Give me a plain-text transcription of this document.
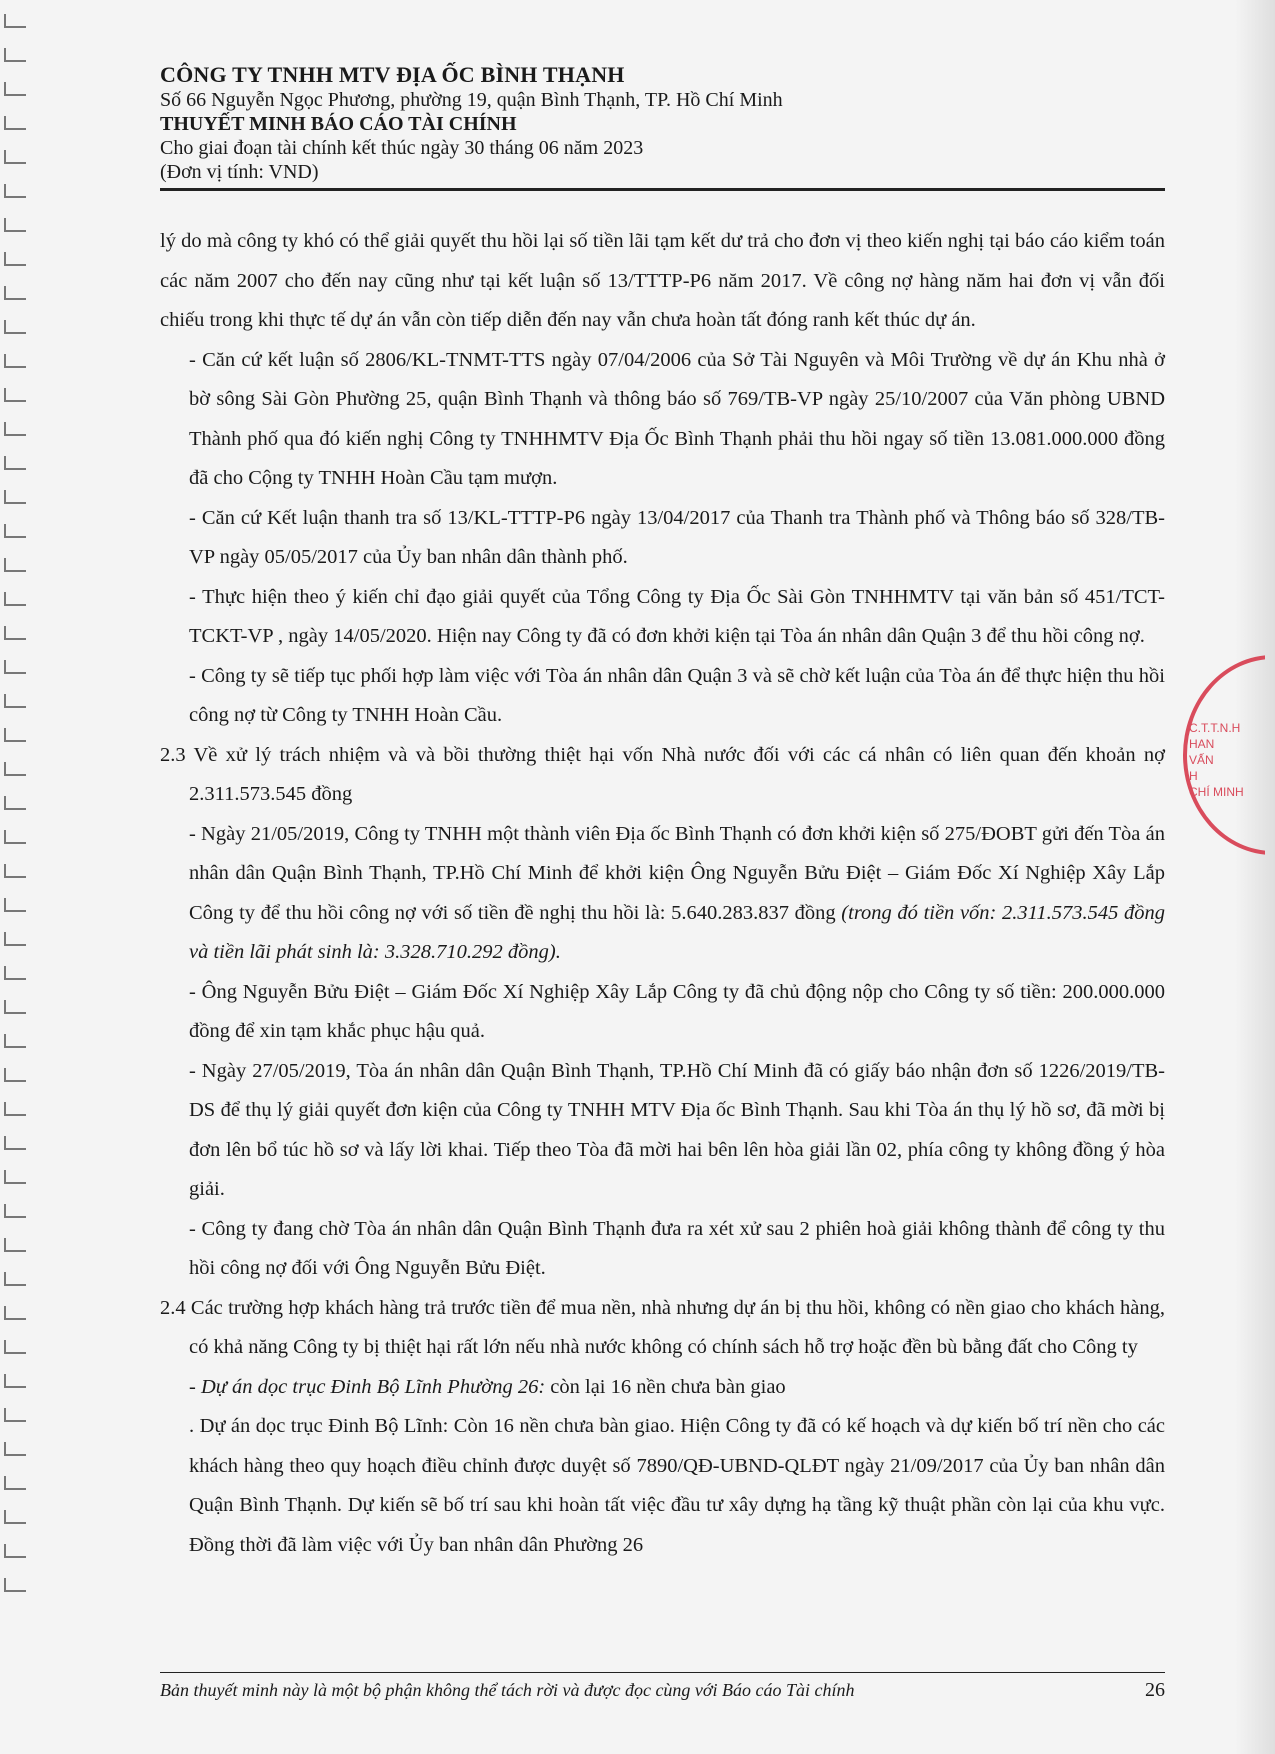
CÔNG TY TNHH MTV ĐỊA ỐC BÌNH THẠNH
Số 66 Nguyễn Ngọc Phương, phường 19, quận Bình Thạnh, TP. Hồ Chí Minh
THUYẾT MINH BÁO CÁO TÀI CHÍNH
Cho giai đoạn tài chính kết thúc ngày 30 tháng 06 năm 2023
(Đơn vị tính: VND)

lý do mà công ty khó có thể giải quyết thu hồi lại số tiền lãi tạm kết dư trả cho đơn vị theo kiến nghị tại báo cáo kiểm toán các năm 2007 cho đến nay cũng như tại kết luận số 13/TTTP-P6 năm 2017. Về công nợ hàng năm hai đơn vị vẫn đối chiếu trong khi thực tế dự án vẫn còn tiếp diễn đến nay vẫn chưa hoàn tất đóng ranh kết thúc dự án.

- Căn cứ kết luận số 2806/KL-TNMT-TTS ngày 07/04/2006 của Sở Tài Nguyên và Môi Trường về dự án Khu nhà ở bờ sông Sài Gòn Phường 25, quận Bình Thạnh và thông báo số 769/TB-VP ngày 25/10/2007 của Văn phòng UBND Thành phố qua đó kiến nghị Công ty TNHHMTV Địa Ốc Bình Thạnh phải thu hồi ngay số tiền 13.081.000.000 đồng đã cho Cộng ty TNHH Hoàn Cầu tạm mượn.

- Căn cứ Kết luận thanh tra số 13/KL-TTTP-P6 ngày 13/04/2017 của Thanh tra Thành phố và Thông báo số 328/TB-VP ngày 05/05/2017 của Ủy ban nhân dân thành phố.

- Thực hiện theo ý kiến chỉ đạo giải quyết của Tổng Công ty Địa Ốc Sài Gòn TNHHMTV tại văn bản số 451/TCT-TCKT-VP , ngày 14/05/2020. Hiện nay Công ty đã có đơn khởi kiện tại Tòa án nhân dân Quận 3 để thu hồi công nợ.

- Công ty sẽ tiếp tục phối hợp làm việc với Tòa án nhân dân Quận 3 và sẽ chờ kết luận của Tòa án để thực hiện thu hồi công nợ từ Công ty TNHH Hoàn Cầu.

2.3 Về xử lý trách nhiệm và và bồi thường thiệt hại vốn Nhà nước đối với các cá nhân có liên quan đến khoản nợ 2.311.573.545 đồng

- Ngày 21/05/2019, Công ty TNHH một thành viên Địa ốc Bình Thạnh có đơn khởi kiện số 275/ĐOBT gửi đến Tòa án nhân dân Quận Bình Thạnh, TP.Hồ Chí Minh để khởi kiện Ông Nguyễn Bửu Điệt – Giám Đốc Xí Nghiệp Xây Lắp Công ty để thu hồi công nợ với số tiền đề nghị thu hồi là: 5.640.283.837 đồng (trong đó tiền vốn: 2.311.573.545 đồng và tiền lãi phát sinh là: 3.328.710.292 đồng).

- Ông Nguyễn Bửu Điệt – Giám Đốc Xí Nghiệp Xây Lắp Công ty đã chủ động nộp cho Công ty số tiền: 200.000.000 đồng để xin tạm khắc phục hậu quả.

- Ngày 27/05/2019, Tòa án nhân dân Quận Bình Thạnh, TP.Hồ Chí Minh đã có giấy báo nhận đơn số 1226/2019/TB-DS để thụ lý giải quyết đơn kiện của Công ty TNHH MTV Địa ốc Bình Thạnh. Sau khi Tòa án thụ lý hồ sơ, đã mời bị đơn lên bổ túc hồ sơ và lấy lời khai. Tiếp theo Tòa đã mời hai bên lên hòa giải lần 02, phía công ty không đồng ý hòa giải.

- Công ty đang chờ Tòa án nhân dân Quận Bình Thạnh đưa ra xét xử sau 2 phiên hoà giải không thành để công ty thu hồi công nợ đối với Ông Nguyễn Bửu Điệt.

2.4 Các trường hợp khách hàng trả trước tiền để mua nền, nhà nhưng dự án bị thu hồi, không có nền giao cho khách hàng, có khả năng Công ty bị thiệt hại rất lớn nếu nhà nước không có chính sách hỗ trợ hoặc đền bù bằng đất cho Công ty

- Dự án dọc trục Đinh Bộ Lĩnh Phường 26: còn lại 16 nền chưa bàn giao

. Dự án dọc trục Đinh Bộ Lĩnh: Còn 16 nền chưa bàn giao. Hiện Công ty đã có kế hoạch và dự kiến bố trí nền cho các khách hàng theo quy hoạch điều chỉnh được duyệt số 7890/QĐ-UBND-QLĐT ngày 21/09/2017 của Ủy ban nhân dân Quận Bình Thạnh. Dự kiến sẽ bố trí sau khi hoàn tất việc đầu tư xây dựng hạ tầng kỹ thuật phần còn lại của khu vực. Đồng thời đã làm việc với Ủy ban nhân dân Phường 26

Bản thuyết minh này là một bộ phận không thể tách rời và được đọc cùng với Báo cáo Tài chính	26
C.T.T.N.H
HAN
VẤN
H
CHÍ MINH
